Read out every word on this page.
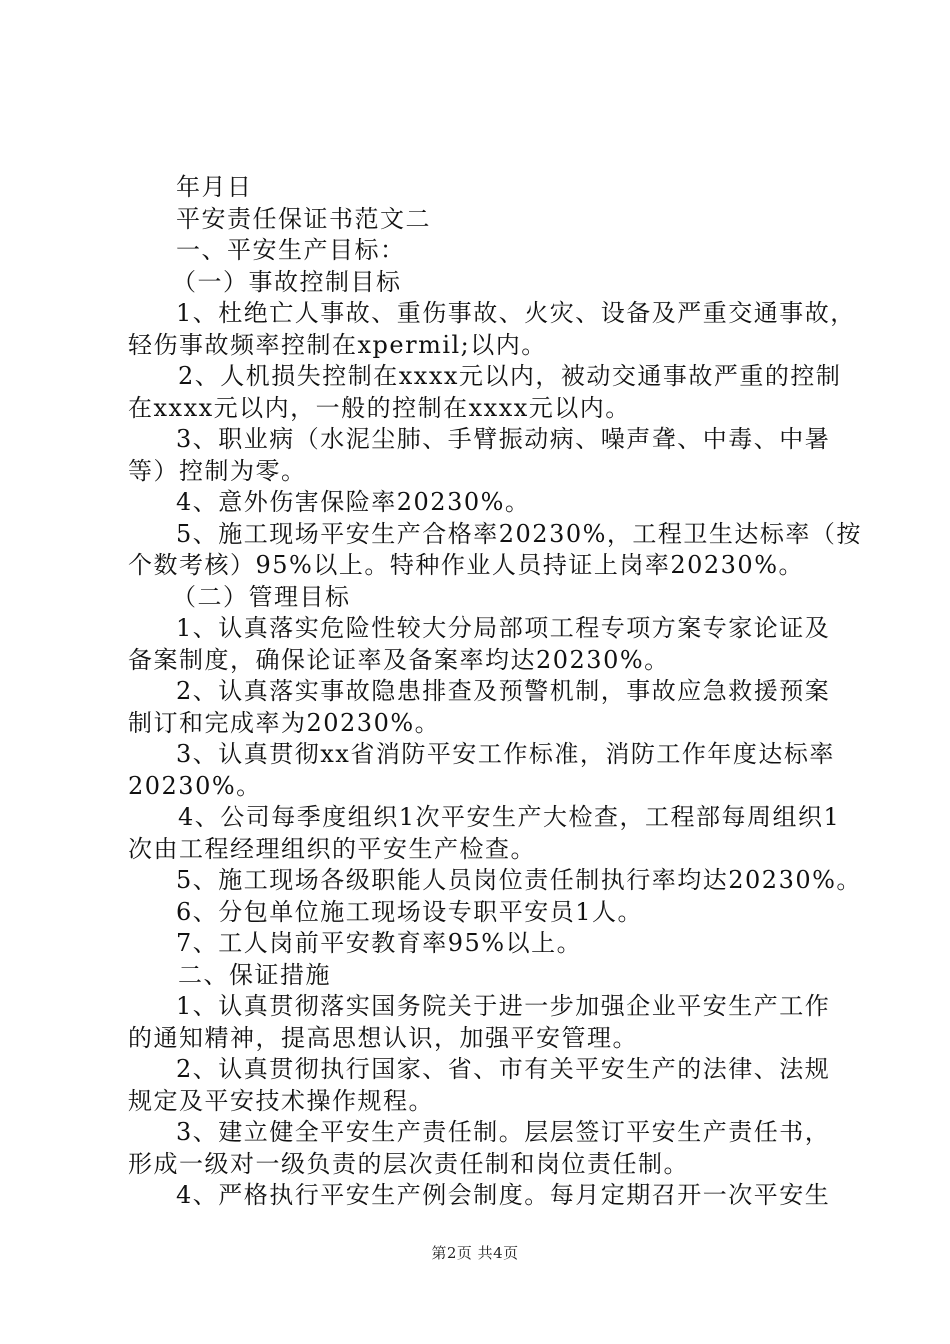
年月日
平安责任保证书范文二
一、平安生产目标：
（一）事故控制目标
1、杜绝亡人事故、重伤事故、火灾、设备及严重交通事故，
轻伤事故频率控制在xpermil;以内。
2、人机损失控制在xxxx元以内，被动交通事故严重的控制
在xxxx元以内，一般的控制在xxxx元以内。
3、职业病（水泥尘肺、手臂振动病、噪声聋、中毒、中暑
等）控制为零。
4、意外伤害保险率20230%。
5、施工现场平安生产合格率20230%，工程卫生达标率（按
个数考核）95%以上。特种作业人员持证上岗率20230%。
（二）管理目标
1、认真落实危险性较大分局部项工程专项方案专家论证及
备案制度，确保论证率及备案率均达20230%。
2、认真落实事故隐患排查及预警机制，事故应急救援预案
制订和完成率为20230%。
3、认真贯彻xx省消防平安工作标准，消防工作年度达标率
20230%。
4、公司每季度组织1次平安生产大检查，工程部每周组织1
次由工程经理组织的平安生产检查。
5、施工现场各级职能人员岗位责任制执行率均达20230%。
6、分包单位施工现场设专职平安员1人。
7、工人岗前平安教育率95%以上。
二、保证措施
1、认真贯彻落实国务院关于进一步加强企业平安生产工作
的通知精神，提高思想认识，加强平安管理。
2、认真贯彻执行国家、省、市有关平安生产的法律、法规
规定及平安技术操作规程。
3、建立健全平安生产责任制。层层签订平安生产责任书，
形成一级对一级负责的层次责任制和岗位责任制。
4、严格执行平安生产例会制度。每月定期召开一次平安生
第2页 共4页
